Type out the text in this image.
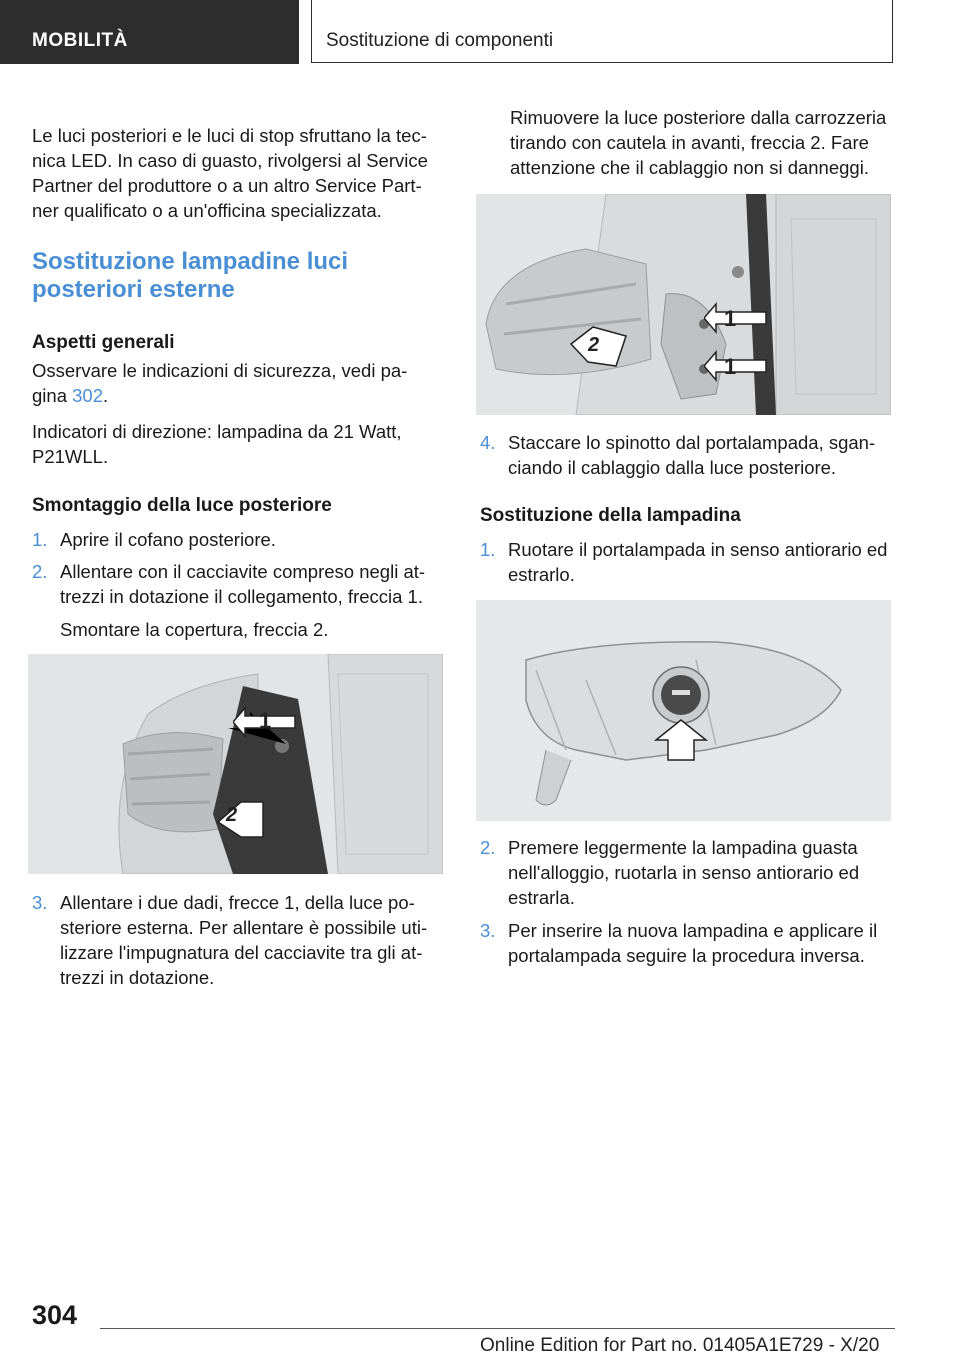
MOBILITÀ	Sostituzione di componenti

Le luci posteriori e le luci di stop sfruttano la tec-

nica LED. In caso di guasto, rivolgersi al Service

Partner del produttore o a un altro Service Part-

ner qualificato o a un'officina specializzata.

Sostituzione lampadine luci

posteriori esterne

Aspetti generali

Osservare le indicazioni di sicurezza, vedi pa-

gina 302.

Indicatori di direzione: lampadina da 21 Watt,

P21WLL.

Smontaggio della luce posteriore
1. Aprire il cofano posteriore.
2. Allentare con il cacciavite compreso negli at-
trezzi in dotazione il collegamento, freccia 1.
Smontare la copertura, freccia 2.
1
2
3. Allentare i due dadi, frecce 1, della luce po-
steriore esterna. Per allentare è possibile uti-
lizzare l'impugnatura del cacciavite tra gli at-
trezzi in dotazione.

Rimuovere la luce posteriore dalla carrozzeria

tirando con cautela in avanti, freccia 2. Fare

attenzione che il cablaggio non si danneggi.

1
1
2
4. Staccare lo spinotto dal portalampada, sgan-
ciando il cablaggio dalla luce posteriore.
Sostituzione della lampadina
1. Ruotare il portalampada in senso antiorario ed
estrarlo.
2. Premere leggermente la lampadina guasta
nell'alloggio, ruotarla in senso antiorario ed
estrarla.
3. Per inserire la nuova lampadina e applicare il
portalampada seguire la procedura inversa.
304
Online Edition for Part no. 01405A1E729 - X/20
